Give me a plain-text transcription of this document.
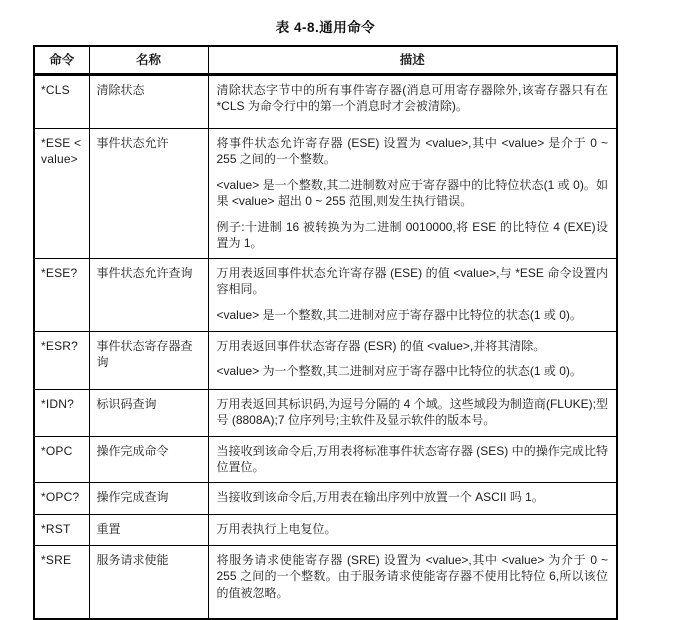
表 4-8.通用命令
命令	名称	描述
*CLS	清除状态	清除状态字节中的所有事件寄存器(消息可用寄存器除外,该寄存器只有在 *CLS 为命令行中的第一个消息时才会被清除)。

*ESE <value>	事件状态允许	将事件状态允许寄存器 (ESE) 设置为 <value>,其中 <value> 是介于 0 ~ 255 之间的一个整数。

<value> 是一个整数,其二进制数对应于寄存器中的比特位状态(1 或 0)。如果 <value> 超出 0 ~ 255 范围,则发生执行错误。

例子:十进制 16 被转换为为二进制 0010000,将 ESE 的比特位 4 (EXE)设置为 1。

*ESE?	事件状态允许查询	万用表返回事件状态允许寄存器 (ESE) 的值 <value>,与 *ESE 命令设置内容相同。

<value> 是一个整数,其二进制对应于寄存器中比特位的状态(1 或 0)。

*ESR?	事件状态寄存器查询	万用表返回事件状态寄存器 (ESR) 的值 <value>,并将其清除。

<value> 为一个整数,其二进制对应于寄存器中比特位的状态(1 或 0)。

*IDN?	标识码查询	万用表返回其标识码,为逗号分隔的 4 个域。这些域段为制造商(FLUKE);型号 (8808A);7 位序列号;主软件及显示软件的版本号。

*OPC	操作完成命令	当接收到该命令后,万用表将标准事件状态寄存器 (SES) 中的操作完成比特位置位。

*OPC?	操作完成查询	当接收到该命令后,万用表在输出序列中放置一个 ASCII 吗 1。

*RST	重置	万用表执行上电复位。

*SRE	服务请求使能	将服务请求使能寄存器 (SRE) 设置为 <value>,其中 <value> 为介于 0 ~ 255 之间的一个整数。由于服务请求使能寄存器不使用比特位 6,所以该位的值被忽略。
